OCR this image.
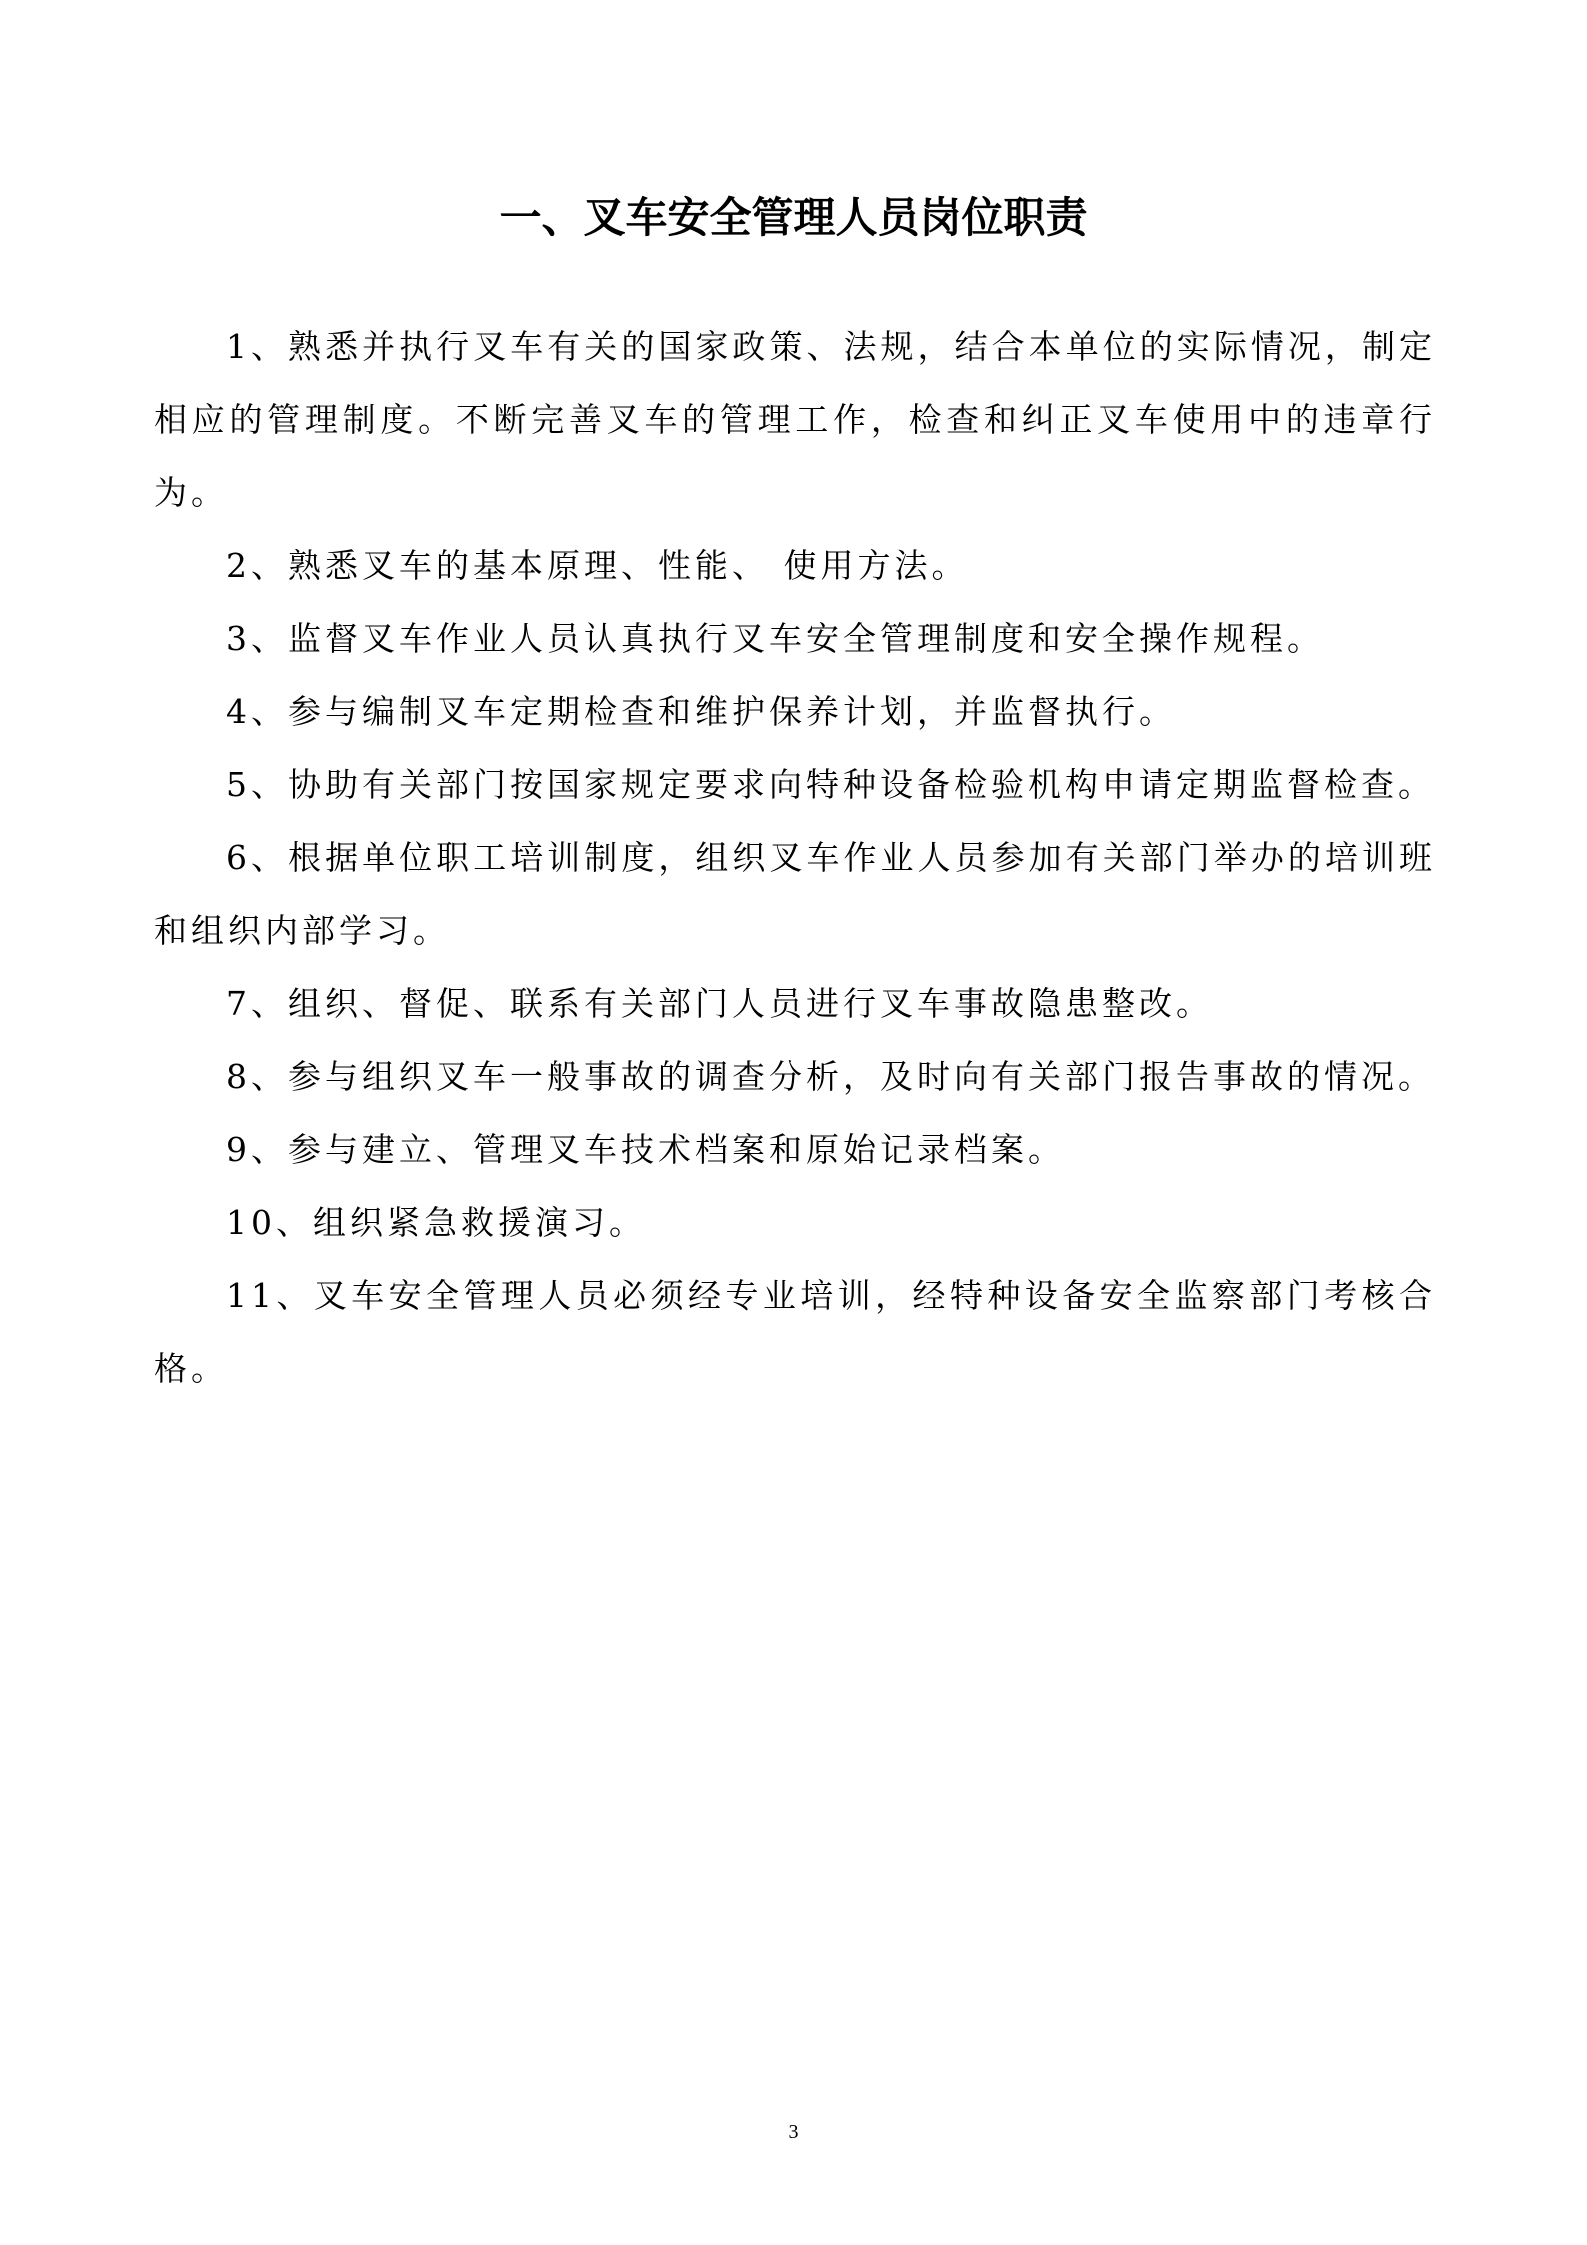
一、叉车安全管理人员岗位职责

1、熟悉并执行叉车有关的国家政策、法规，结合本单位的实际情况，制定相应的管理制度。不断完善叉车的管理工作，检查和纠正叉车使用中的违章行为。

2、熟悉叉车的基本原理、性能、 使用方法。

3、监督叉车作业人员认真执行叉车安全管理制度和安全操作规程。

4、参与编制叉车定期检查和维护保养计划，并监督执行。

5、协助有关部门按国家规定要求向特种设备检验机构申请定期监督检查。

6、根据单位职工培训制度，组织叉车作业人员参加有关部门举办的培训班和组织内部学习。

7、组织、督促、联系有关部门人员进行叉车事故隐患整改。

8、参与组织叉车一般事故的调查分析，及时向有关部门报告事故的情况。

9、参与建立、管理叉车技术档案和原始记录档案。

10、组织紧急救援演习。

11、叉车安全管理人员必须经专业培训，经特种设备安全监察部门考核合格。

3
